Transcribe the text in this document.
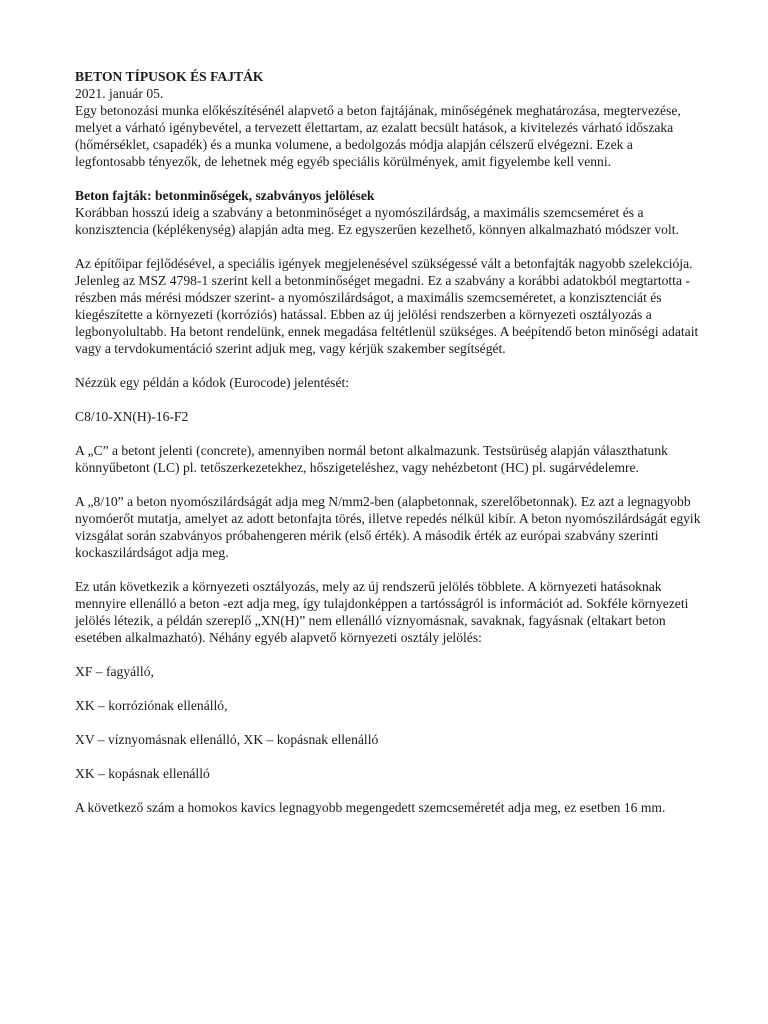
BETON TÍPUSOK ÉS FAJTÁK

2021. január 05.

Egy betonozási munka előkészítésénél alapvető a beton fajtájának, minőségének meghatározása, megtervezése, melyet a várható igénybevétel, a tervezett élettartam, az ezalatt becsült hatások, a kivitelezés várható időszaka (hőmérséklet, csapadék) és a munka volumene, a bedolgozás módja alapján célszerű elvégezni. Ezek a legfontosabb tényezők, de lehetnek még egyéb speciális körülmények, amit figyelembe kell venni.

Beton fajták: betonminőségek, szabványos jelölések

Korábban hosszú ideig a szabvány a betonminőséget a nyomószilárdság, a maximális szemcseméret és a konzisztencia (képlékenység) alapján adta meg. Ez egyszerűen kezelhető, könnyen alkalmazható módszer volt.

Az építőipar fejlődésével, a speciális igények megjelenésével szükségessé vált a betonfajták nagyobb szelekciója. Jelenleg az MSZ 4798-1 szerint kell a betonminőséget megadni. Ez a szabvány a korábbi adatokból megtartotta -részben más mérési módszer szerint- a nyomószilárdságot, a maximális szemcseméretet, a konzisztenciát és kiegészítette a környezeti (korróziós) hatással. Ebben az új jelölési rendszerben a környezeti osztályozás a legbonyolultabb. Ha betont rendelünk, ennek megadása feltétlenül szükséges. A beépítendő beton minőségi adatait vagy a tervdokumentáció szerint adjuk meg, vagy kérjük szakember segítségét.

Nézzük egy példán a kódok (Eurocode) jelentését:

C8/10-XN(H)-16-F2

A „C” a betont jelenti (concrete), amennyiben normál betont alkalmazunk. Testsürüség alapján választhatunk könnyűbetont (LC) pl. tetőszerkezetekhez, hőszigeteléshez, vagy nehézbetont (HC) pl. sugárvédelemre.

A „8/10” a beton nyomószilárdságát adja meg N/mm2-ben (alapbetonnak, szerelőbetonnak). Ez azt a legnagyobb nyomóerőt mutatja, amelyet az adott betonfajta törés, illetve repedés nélkül kibír. A beton nyomószilárdságát egyik vizsgálat során szabványos próbahengeren mérik (első érték). A második érték az európai szabvány szerinti kockaszilárdságot adja meg.

Ez után következik a környezeti osztályozás, mely az új rendszerű jelölés többlete. A környezeti hatásoknak mennyire ellenálló a beton -ezt adja meg, így tulajdonképpen a tartósságról is információt ad. Sokféle környezeti jelölés létezik, a példán szereplő „XN(H)” nem ellenálló víznyomásnak, savaknak, fagyásnak (eltakart beton esetében alkalmazható). Néhány egyéb alapvető környezeti osztály jelölés:

XF – fagyálló,

XK – korróziónak ellenálló,

XV – víznyomásnak ellenálló, XK – kopásnak ellenálló

XK – kopásnak ellenálló

A következő szám a homokos kavics legnagyobb megengedett szemcseméretét adja meg, ez esetben 16 mm.
